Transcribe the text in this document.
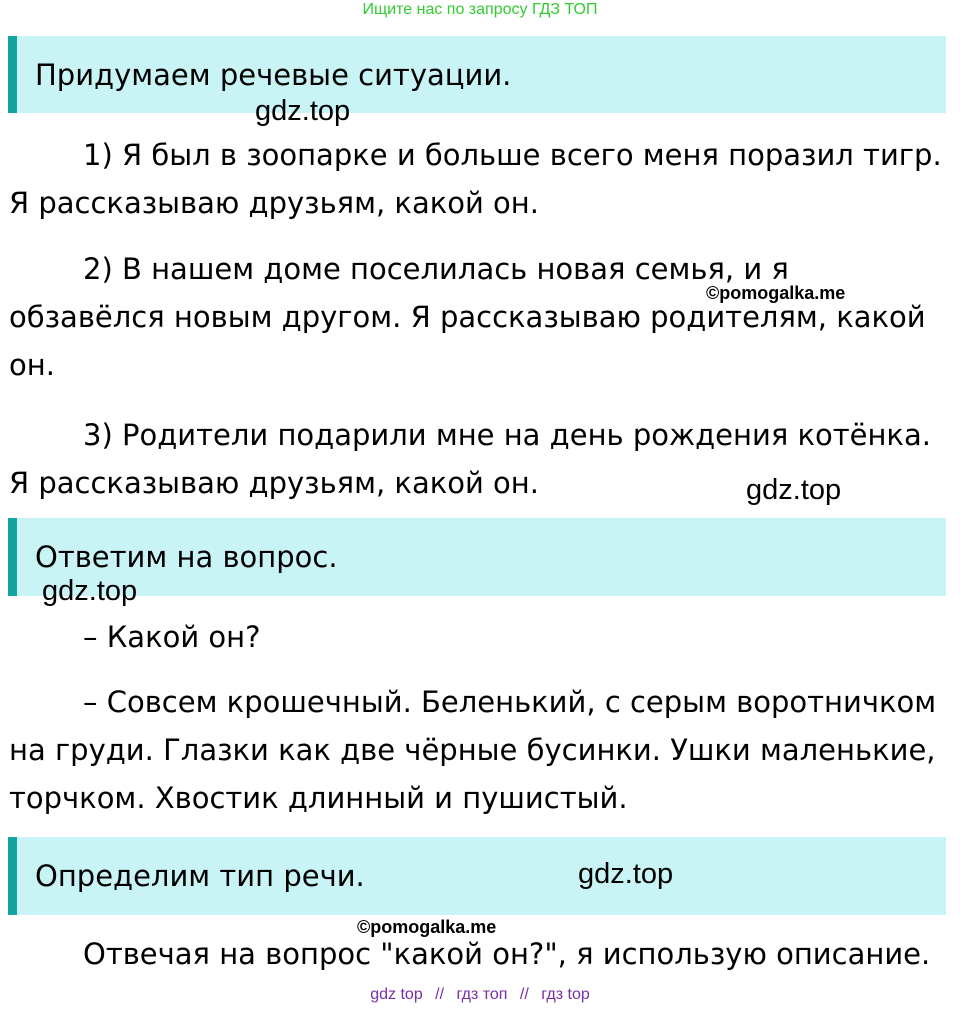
Ищите нас по запросу ГДЗ ТОП
Придумаем речевые ситуации.
gdz.top

1) Я был в зоопарке и больше всего меня поразил тигр. Я рассказываю друзьям, какой он.

2) В нашем доме поселилась новая семья, и я обзавёлся новым другом. Я рассказываю родителям, какой он.

©pomogalka.me

3) Родители подарили мне на день рождения котёнка. Я рассказываю друзьям, какой он.	gdz.top
Ответим на вопрос.
gdz.top

– Какой он?

– Совсем крошечный. Беленький, с серым воротничком на груди. Глазки как две чёрные бусинки. Ушки маленькие, торчком. Хвостик длинный и пушистый.

Определим тип речи.	gdz.top
©pomogalka.me

Отвечая на вопрос "какой он?", я использую описание.

gdz top // гдз топ // гдз top
